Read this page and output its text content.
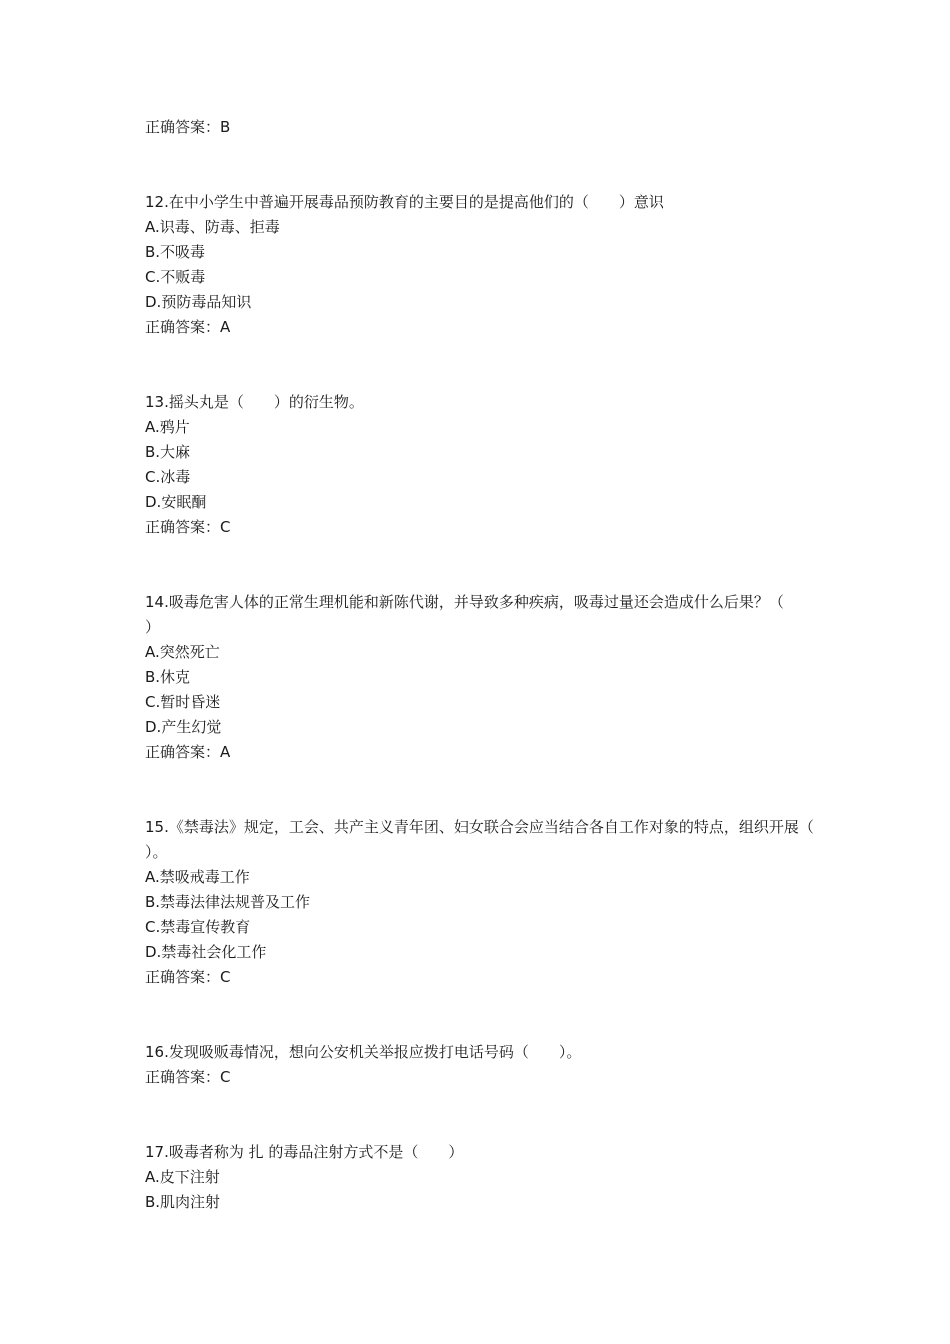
正确答案：B
12.在中小学生中普遍开展毒品预防教育的主要目的是提高他们的（　　）意识
A.识毒、防毒、拒毒
B.不吸毒
C.不贩毒
D.预防毒品知识
正确答案：A
13.摇头丸是（　　）的衍生物。
A.鸦片
B.大麻
C.冰毒
D.安眠酮
正确答案：C
14.吸毒危害人体的正常生理机能和新陈代谢，并导致多种疾病，吸毒过量还会造成什么后果？（　　）
A.突然死亡
B.休克
C.暂时昏迷
D.产生幻觉
正确答案：A
15.《禁毒法》规定，工会、共产主义青年团、妇女联合会应当结合各自工作对象的特点，组织开展（　　）。
A.禁吸戒毒工作
B.禁毒法律法规普及工作
C.禁毒宣传教育
D.禁毒社会化工作
正确答案：C
16.发现吸贩毒情况，想向公安机关举报应拨打电话号码（　　）。
正确答案：C
17.吸毒者称为 扎 的毒品注射方式不是（　　）
A.皮下注射
B.肌肉注射
